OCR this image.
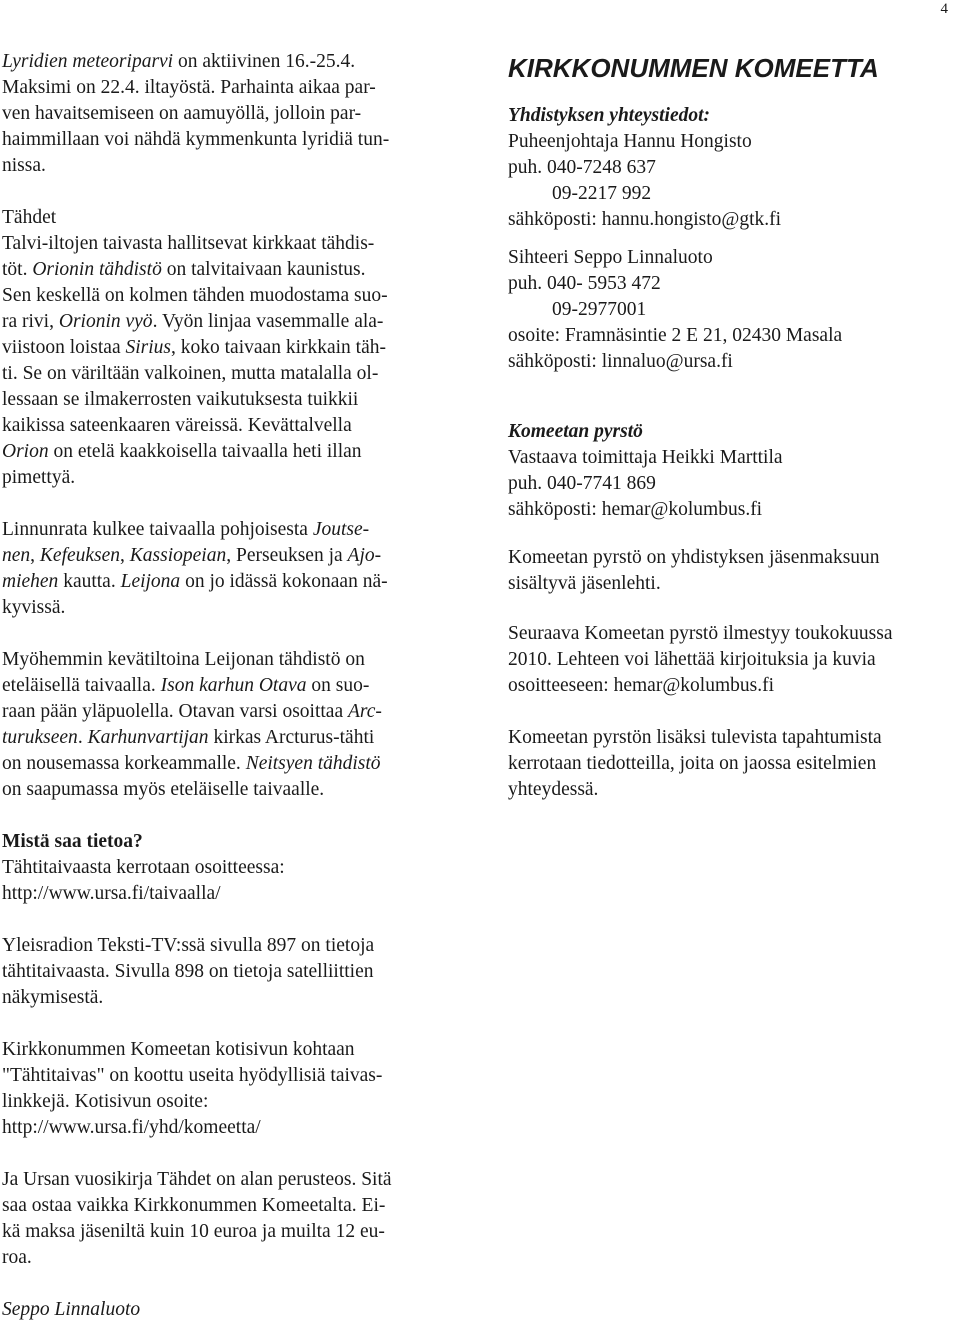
4

Lyridien meteoriparvi on aktiivinen 16.-25.4.

Maksimi on 22.4. iltayöstä. Parhainta aikaa par-

ven havaitsemiseen on aamuyöllä, jolloin par-

haimmillaan voi nähdä kymmenkunta lyridiä tun-

nissa.

Tähdet

Talvi-iltojen taivasta hallitsevat kirkkaat tähdis-

töt. Orionin tähdistö on talvitaivaan kaunistus.

Sen keskellä on kolmen tähden muodostama suo-

ra rivi, Orionin vyö. Vyön linjaa vasemmalle ala-

viistoon loistaa Sirius, koko taivaan kirkkain täh-

ti. Se on väriltään valkoinen, mutta matalalla ol-

lessaan se ilmakerrosten vaikutuksesta tuikkii

kaikissa sateenkaaren väreissä. Kevättalvella

Orion on etelä kaakkoisella taivaalla heti illan

pimettyä.

Linnunrata kulkee taivaalla pohjoisesta Joutse-

nen, Kefeuksen, Kassiopeian, Perseuksen ja Ajo-

miehen kautta. Leijona on jo idässä kokonaan nä-

kyvissä.

Myöhemmin kevätiltoina Leijonan tähdistö on

eteläisellä taivaalla. Ison karhun Otava on suo-

raan pään yläpuolella. Otavan varsi osoittaa Arc-

turukseen. Karhunvartijan kirkas Arcturus-tähti

on nousemassa korkeammalle. Neitsyen tähdistö

on saapumassa myös eteläiselle taivaalle.

Mistä saa tietoa?

Tähtitaivaasta kerrotaan osoitteessa:

http://www.ursa.fi/taivaalla/

Yleisradion Teksti-TV:ssä sivulla 897 on tietoja

tähtitaivaasta. Sivulla 898 on tietoja satelliittien

näkymisestä.

Kirkkonummen Komeetan kotisivun kohtaan

"Tähtitaivas" on koottu useita hyödyllisiä taivas-

linkkejä. Kotisivun osoite:

http://www.ursa.fi/yhd/komeetta/

Ja Ursan vuosikirja Tähdet on alan perusteos. Sitä

saa ostaa vaikka Kirkkonummen Komeetalta. Ei-

kä maksa jäseniltä kuin 10 euroa ja muilta 12 eu-

roa.

Seppo Linnaluoto

KIRKKONUMMEN KOMEETTA

Yhdistyksen yhteystiedot:

Puheenjohtaja Hannu Hongisto

puh. 040-7248 637

09-2217 992

sähköposti: hannu.hongisto@gtk.fi

Sihteeri Seppo Linnaluoto

puh. 040- 5953 472

09-2977001

osoite: Framnäsintie 2 E 21, 02430 Masala

sähköposti: linnaluo@ursa.fi

Komeetan pyrstö

Vastaava toimittaja Heikki Marttila

puh. 040-7741 869

sähköposti: hemar@kolumbus.fi

Komeetan pyrstö on yhdistyksen jäsenmaksuun

sisältyvä jäsenlehti.

Seuraava Komeetan pyrstö ilmestyy toukokuussa

2010. Lehteen voi lähettää kirjoituksia ja kuvia

osoitteeseen: hemar@kolumbus.fi

Komeetan pyrstön lisäksi tulevista tapahtumista

kerrotaan tiedotteilla, joita on jaossa esitelmien

yhteydessä.
